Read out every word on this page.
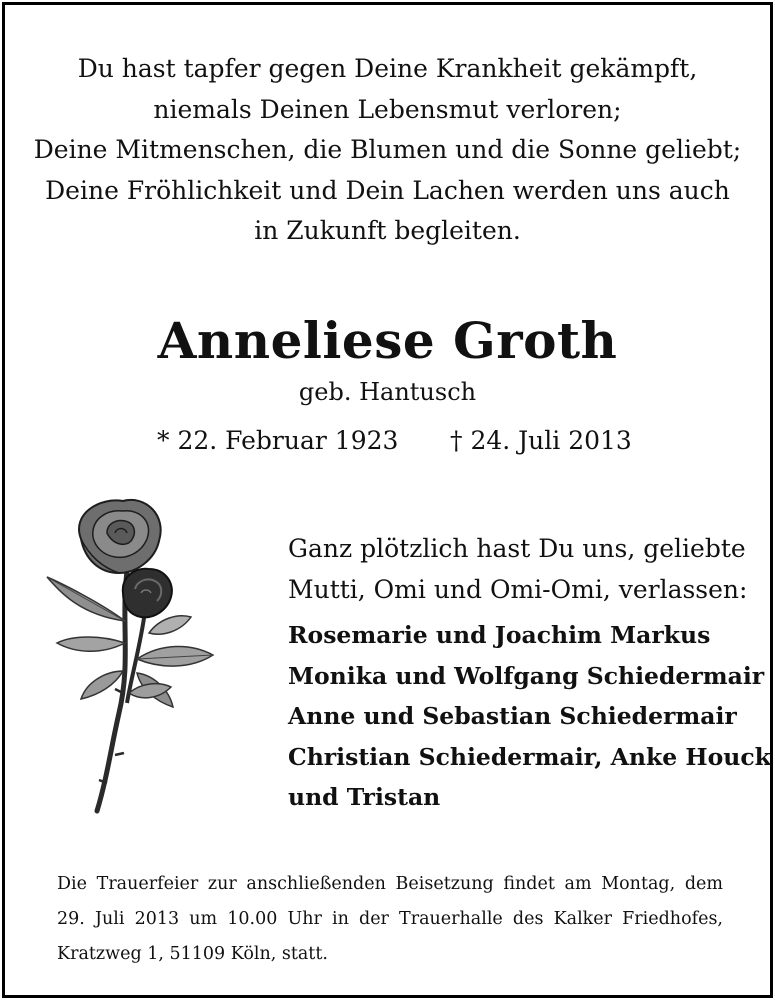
Du hast tapfer gegen Deine Krankheit gekämpft,
niemals Deinen Lebensmut verloren;
Deine Mitmenschen, die Blumen und die Sonne geliebt;
Deine Fröhlichkeit und Dein Lachen werden uns auch
in Zukunft begleiten.
Anneliese Groth
geb. Hantusch
* 22. Februar 1923 † 24. Juli 2013
Ganz plötzlich hast Du uns, geliebte
Mutti, Omi und Omi-Omi, verlassen:
Rosemarie und Joachim Markus
Monika und Wolfgang Schiedermair
Anne und Sebastian Schiedermair
Christian Schiedermair, Anke Houck
und Tristan
Die Trauerfeier zur anschließenden Beisetzung findet am Montag, dem 29. Juli 2013 um 10.00 Uhr in der Trauerhalle des Kalker Friedhofes, Kratzweg 1, 51109 Köln, statt.
